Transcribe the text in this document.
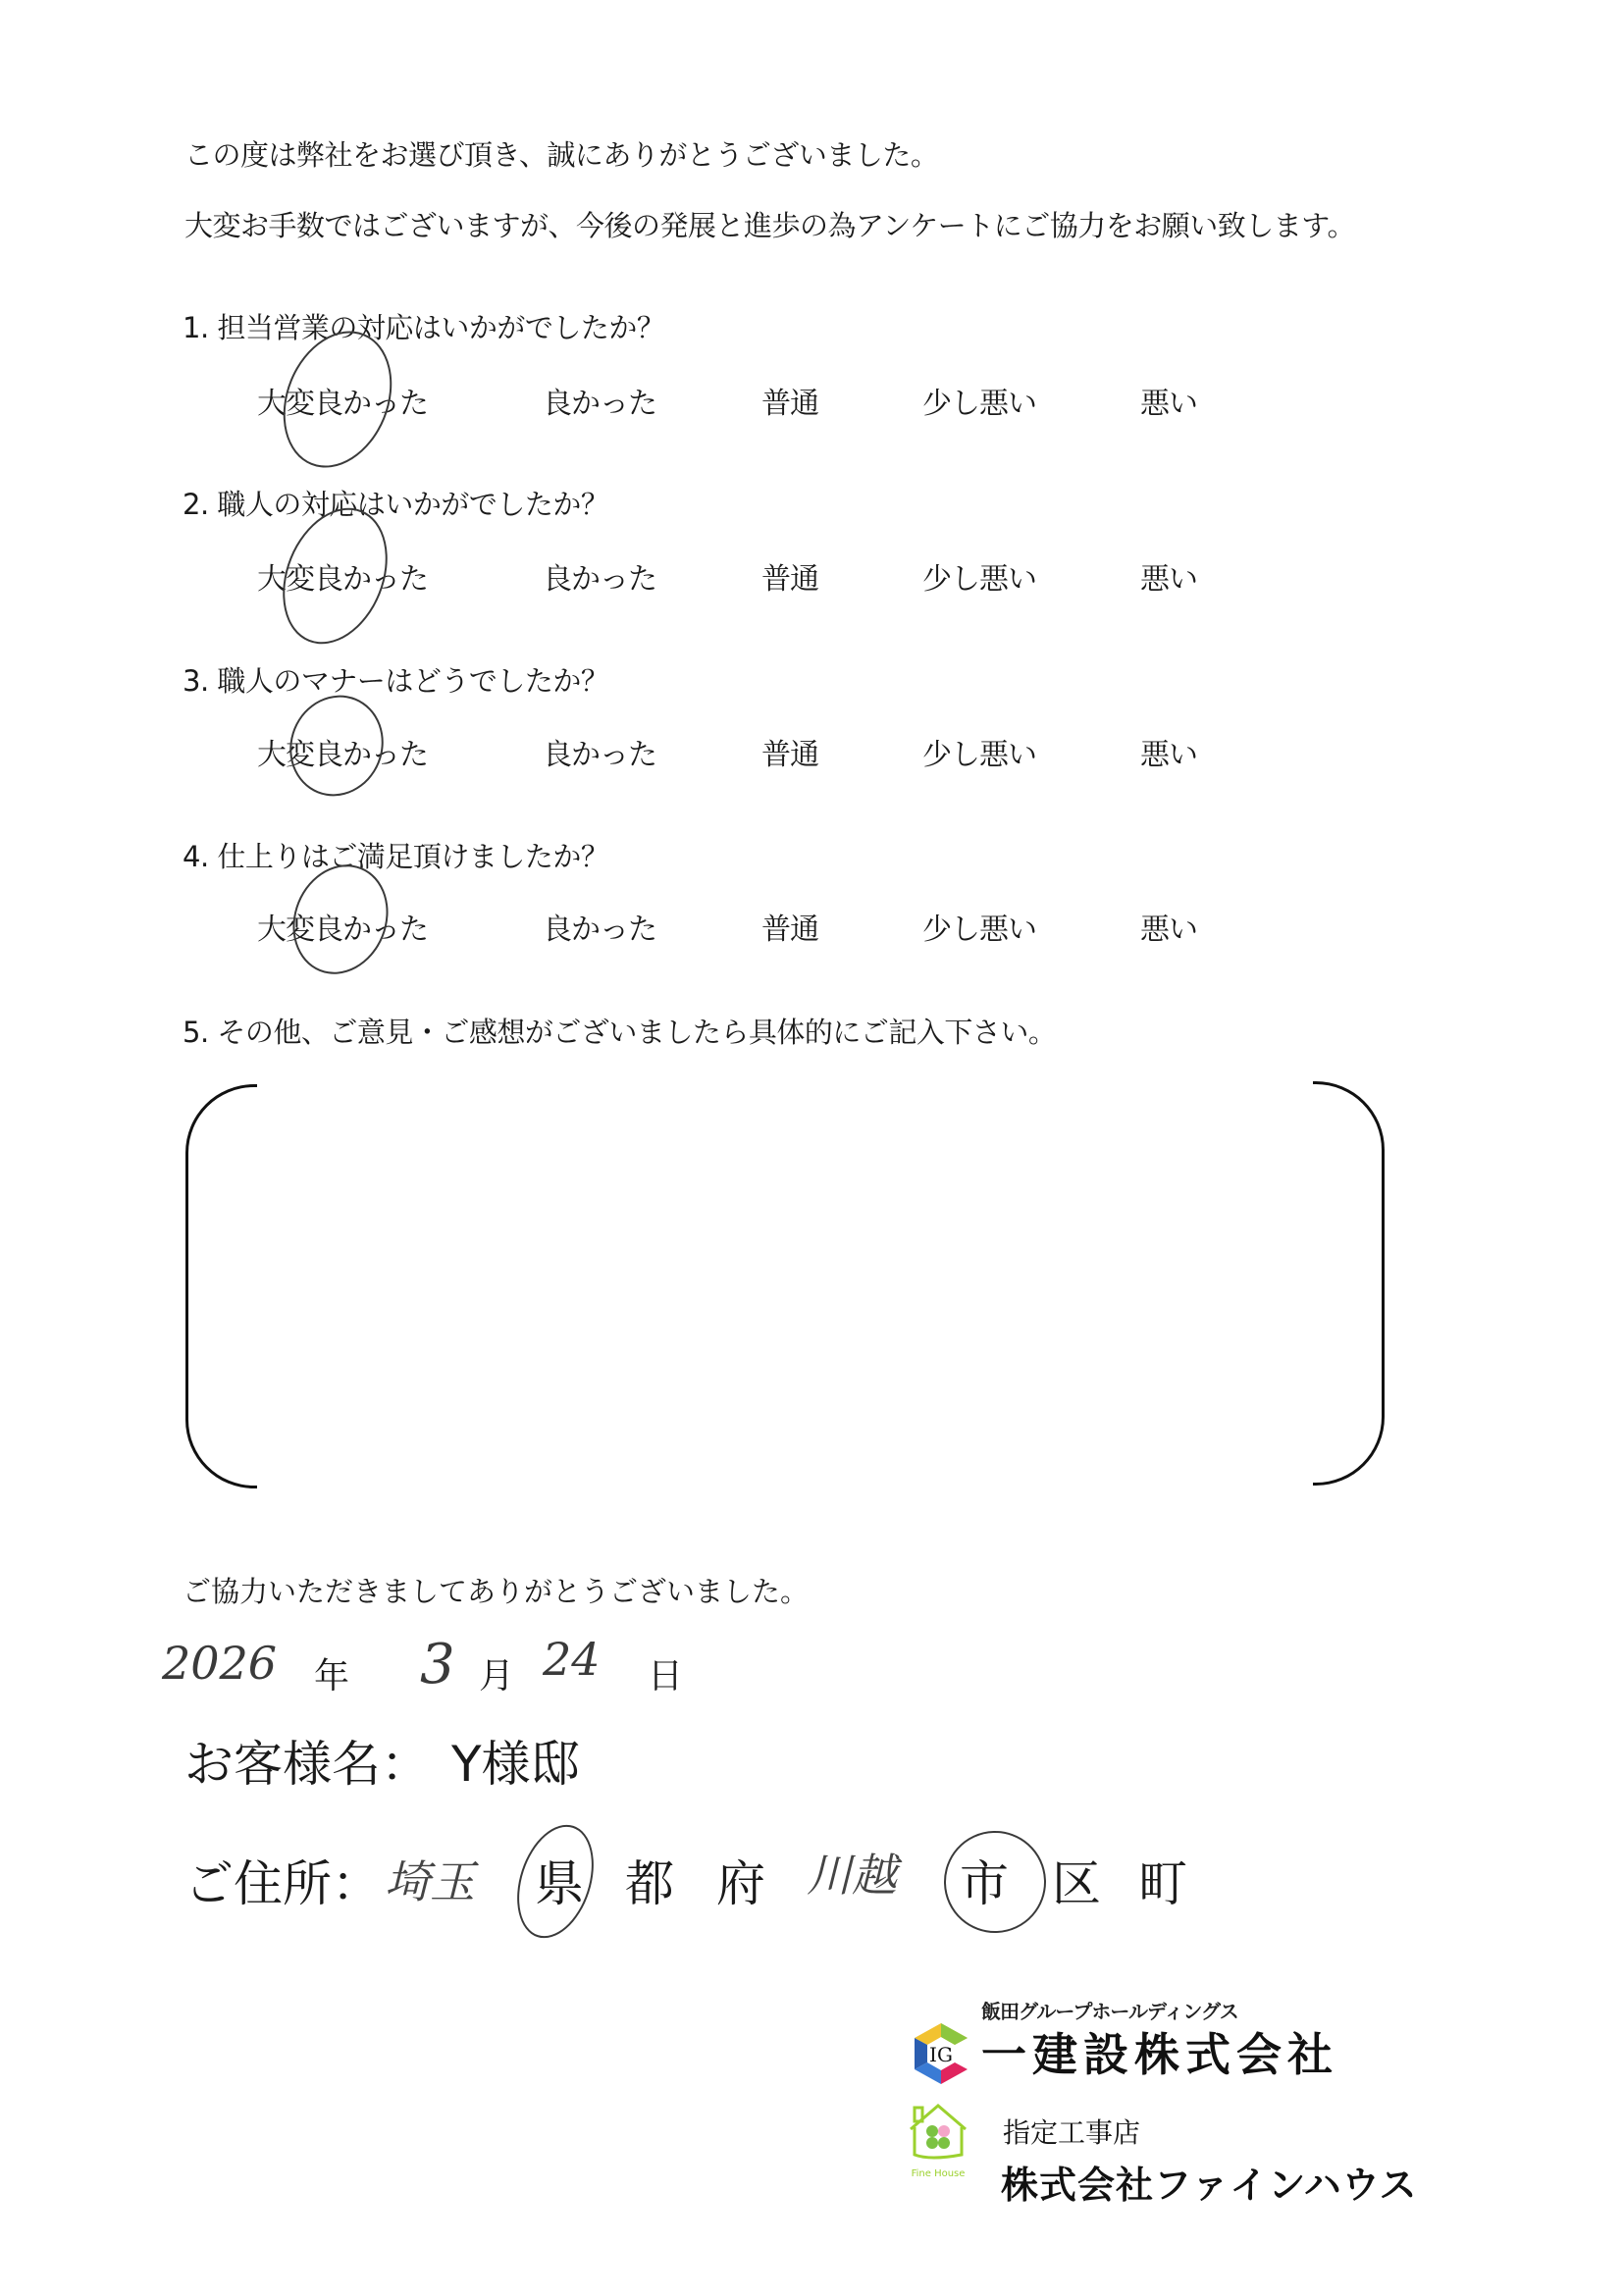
この度は弊社をお選び頂き、誠にありがとうございました。
大変お手数ではございますが、今後の発展と進歩の為アンケートにご協力をお願い致します。
1. 担当営業の対応はいかがでしたか？
大変良かった	良かった	普通	少し悪い	悪い
2. 職人の対応はいかがでしたか？
大変良かった	良かった	普通	少し悪い	悪い
3. 職人のマナーはどうでしたか？
大変良かった	良かった	普通	少し悪い	悪い
4. 仕上りはご満足頂けましたか？
大変良かった	良かった	普通	少し悪い	悪い
5. その他、ご意見・ご感想がございましたら具体的にご記入下さい。
ご協力いただきましてありがとうございました。
2026 年 3 月 24 日
お客様名： Y様邸
ご住所： 埼玉 県 都 府 川越 市 区 町
IG
飯田グループホールディングス
一建設株式会社
Fine House
指定工事店
株式会社ファインハウス
